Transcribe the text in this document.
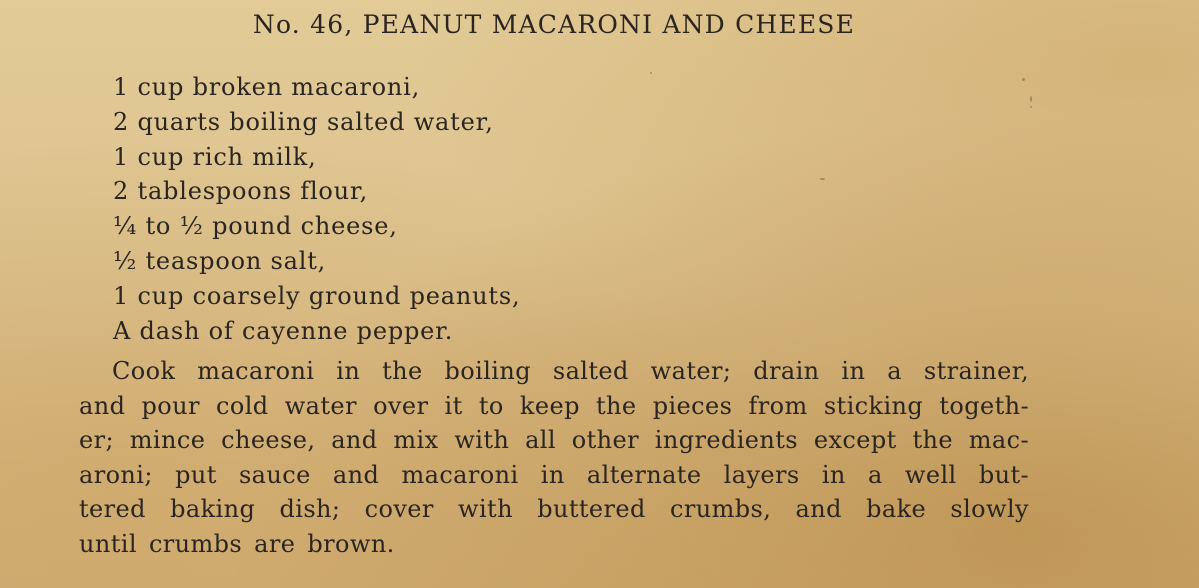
No. 46, PEANUT MACARONI AND CHEESE
1 cup broken macaroni,
2 quarts boiling salted water,
1 cup rich milk,
2 tablespoons flour,
¼ to ½ pound cheese,
½ teaspoon salt,
1 cup coarsely ground peanuts,
A dash of cayenne pepper.
Cook macaroni in the boiling salted water; drain in a strainer,
and pour cold water over it to keep the pieces from sticking togeth-
er; mince cheese, and mix with all other ingredients except the mac-
aroni; put sauce and macaroni in alternate layers in a well but-
tered baking dish; cover with buttered crumbs, and bake slowly
until crumbs are brown.
